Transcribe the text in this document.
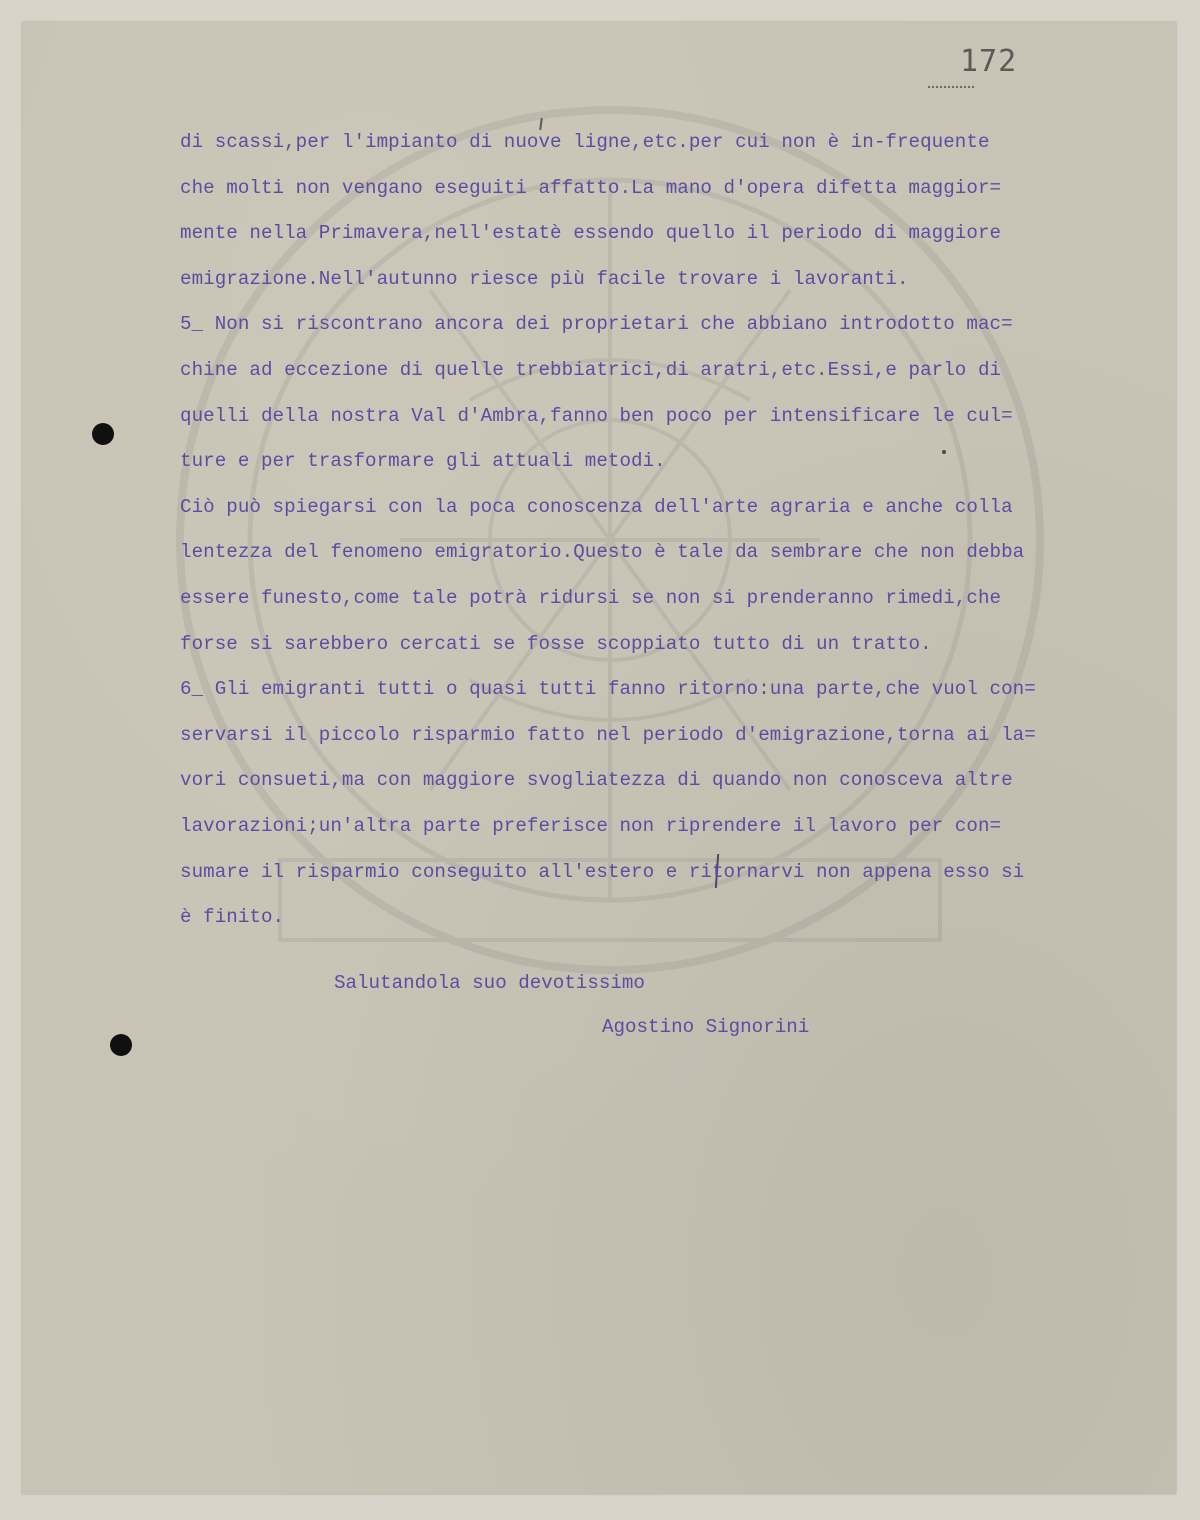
172
di scassi,per l'impianto di nuove ligne,etc.per cui non è in-frequente
che molti non vengano eseguiti affatto.La mano d'opera difetta maggior=
mente nella Primavera,nell'estatè essendo quello il periodo di maggiore
emigrazione.Nell'autunno riesce più facile trovare i lavoranti.
5_ Non si riscontrano ancora dei proprietari che abbiano introdotto mac=
chine ad eccezione di quelle trebbiatrici,di aratri,etc.Essi,e parlo di
quelli della nostra Val d'Ambra,fanno ben poco per intensificare le cul=
ture e per trasformare gli attuali metodi.
Ciò può spiegarsi con la poca conoscenza dell'arte agraria e anche colla
lentezza del fenomeno emigratorio.Questo è tale da sembrare che non debba
essere funesto,come tale potrà ridursi se non si prenderanno rimedi,che
forse si sarebbero cercati se fosse scoppiato tutto di un tratto.
6_ Gli emigranti tutti o quasi tutti fanno ritorno:una parte,che vuol con=
servarsi il piccolo risparmio fatto nel periodo d'emigrazione,torna ai la=
vori consueti,ma con maggiore svogliatezza di quando non conosceva altre
lavorazioni;un'altra parte preferisce non riprendere il lavoro per con=
sumare il risparmio conseguito all'estero e ritornarvi non appena esso si
è finito.
Salutandola suo devotissimo
Agostino Signorini
